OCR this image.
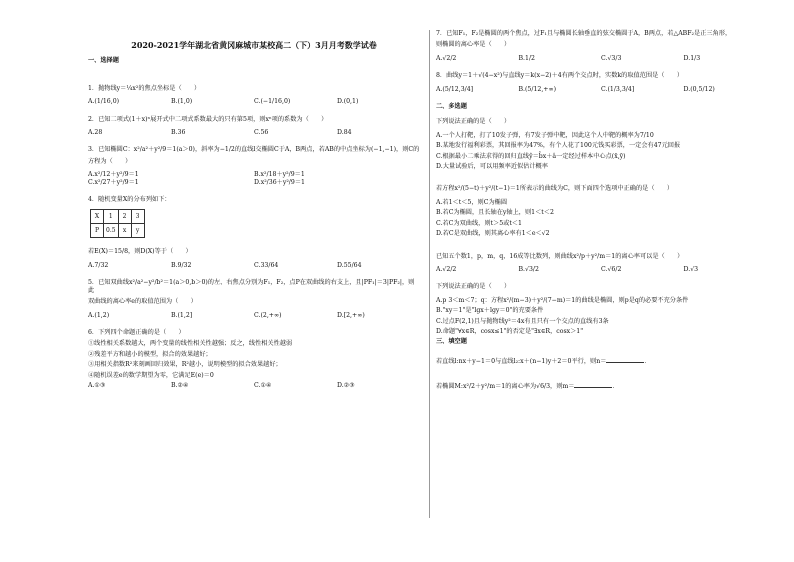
2020-2021学年湖北省黄冈麻城市某校高二（下）3月月考数学试卷
一、选择题
1．抛物线y＝¼x²的焦点坐标是（　　）
A.(1/16,0)	B.(1,0)	C.(−1/16,0)	D.(0,1)
2．已知二项式(1＋x)ⁿ展开式中二项式系数最大的只有第5项，则xⁿ项的系数为（　　）
A.28	B.36	C.56	D.84
3．已知椭圆C：x²/a²＋y²/9＝1(a＞0)，斜率为−1/2的直线l交椭圆C于A，B两点，若AB的中点坐标为(−1,−1)，则C的
方程为（　　）
A.x²/12＋y²/9＝1	B.x²/18＋y²/9＝1
C.x²/27＋y²/9＝1	D.x²/36＋y²/9＝1
4．随机变量X的分布列如下：
X	1	2	3
P	0.5	x	y
若E(X)＝15/8，则D(X)等于（　　）
A.7/32	B.9/32	C.33/64	D.55/64
5．已知双曲线x²/a²−y²/b²＝1(a＞0,b＞0)的左、右焦点分别为F₁，F₂，点P在双曲线的右支上，且|PF₁|＝3|PF₂|，则此
双曲线的离心率e的取值范围为（　　）
A.(1,2)	B.(1,2]	C.(2,+∞)	D.[2,+∞)
6．下列四个命题正确的是（　　）
①线性相关系数越大，两个变量的线性相关性越强；反之，线性相关性越弱
②残差平方和越小的模型，拟合的效果越好；
③用相关指数R²来刻画回归效果，R²越小，说明模型的拟合效果越好；
④随机误差e的数学期望为零，它满足E(e)＝0
A.①③	B.②④	C.①④	D.②③
7．已知F₁，F₂是椭圆的两个焦点，过F₁且与椭圆长轴垂直的弦交椭圆于A，B两点，若△ABF₂是正三角形，
则椭圆的离心率是（　　）
A.√2/2	B.1/2	C.√3/3	D.1/3
8．曲线y＝1＋√(4−x²)与直线y＝k(x−2)＋4有两个交点时，实数k的取值范围是（　　）
A.(5/12,3/4]	B.(5/12,+∞)	C.(1/3,3/4]	D.(0,5/12)
二、多选题
下列说法正确的是（　　）
A.一个人打靶，打了10发子弹，有7发子弹中靶，因此这个人中靶的概率为7/10
B.某地发行福利彩票，其回报率为47%，有个人花了100元钱买彩票，一定会有47元回报
C.根据最小二乘法求得的回归直线ŷ＝b̂x＋â一定经过样本中心点(x̄,ȳ)
D.大量试验后，可以用频率近似估计概率
若方程x²/(5−t)＋y²/(t−1)＝1所表示的曲线为C，则下面四个选项中正确的是（　　）
A.若1＜t＜5，则C为椭圆
B.若C为椭圆，且长轴在y轴上，则1＜t＜2
C.若C为双曲线，则t＞5或t＜1
D.若C是双曲线，则其离心率有1＜e＜√2
已知五个数1，p，m，q，16成等比数列，则曲线x²/p＋y²/m＝1的离心率可以是（　　）
A.√2/2	B.√3/2	C.√6/2	D.√3
下列说法正确的是（　　）
A.p 3＜m＜7；q：方程x²/(m−3)＋y²/(7−m)＝1的曲线是椭圆，则p是q的必要不充分条件
B."xy＝1"是"lgx＋lgy＝0"的充要条件
C.过点F(2,1)且与抛物线y²＝4x有且只有一个交点的直线有3条
D.命题"∀x∈R，cosx≤1"的否定是"∃x∈R，cosx＞1"
三、填空题
若直线l:nx＋y−1＝0与直线l₂:x＋(n−1)y＋2＝0平行，则n＝	．
若椭圆M:x²/2＋y²/m＝1的离心率为√6/3，则m＝	．
